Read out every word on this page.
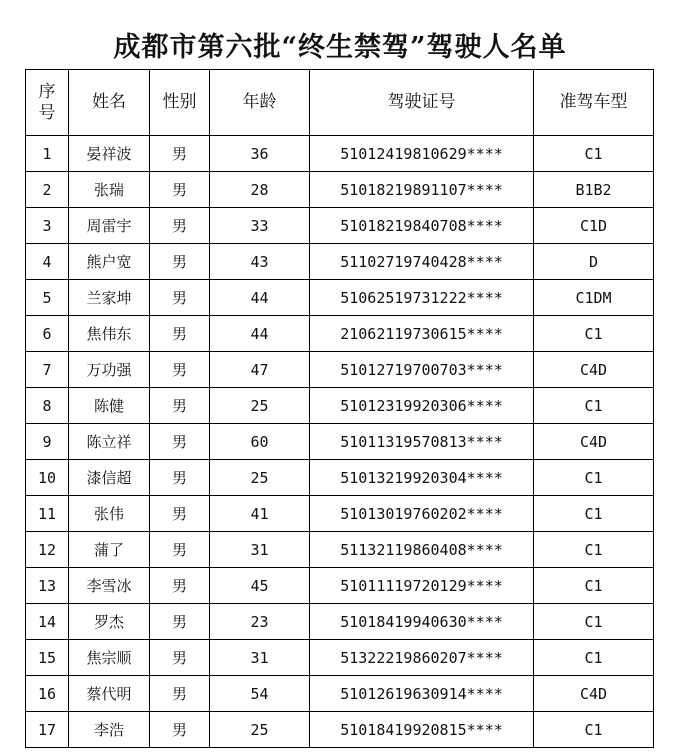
成都市第六批“终生禁驾”驾驶人名单
序号	姓名	性别	年龄	驾驶证号	准驾车型
1	晏祥波	男	36	51012419810629****	C1
2	张瑞	男	28	51018219891107****	B1B2
3	周雷宇	男	33	51018219840708****	C1D
4	熊户宽	男	43	51102719740428****	D
5	兰家坤	男	44	51062519731222****	C1DM
6	焦伟东	男	44	21062119730615****	C1
7	万功强	男	47	51012719700703****	C4D
8	陈健	男	25	51012319920306****	C1
9	陈立祥	男	60	51011319570813****	C4D
10	漆信超	男	25	51013219920304****	C1
11	张伟	男	41	51013019760202****	C1
12	蒲了	男	31	51132119860408****	C1
13	李雪冰	男	45	51011119720129****	C1
14	罗杰	男	23	51018419940630****	C1
15	焦宗顺	男	31	51322219860207****	C1
16	蔡代明	男	54	51012619630914****	C4D
17	李浩	男	25	51018419920815****	C1
